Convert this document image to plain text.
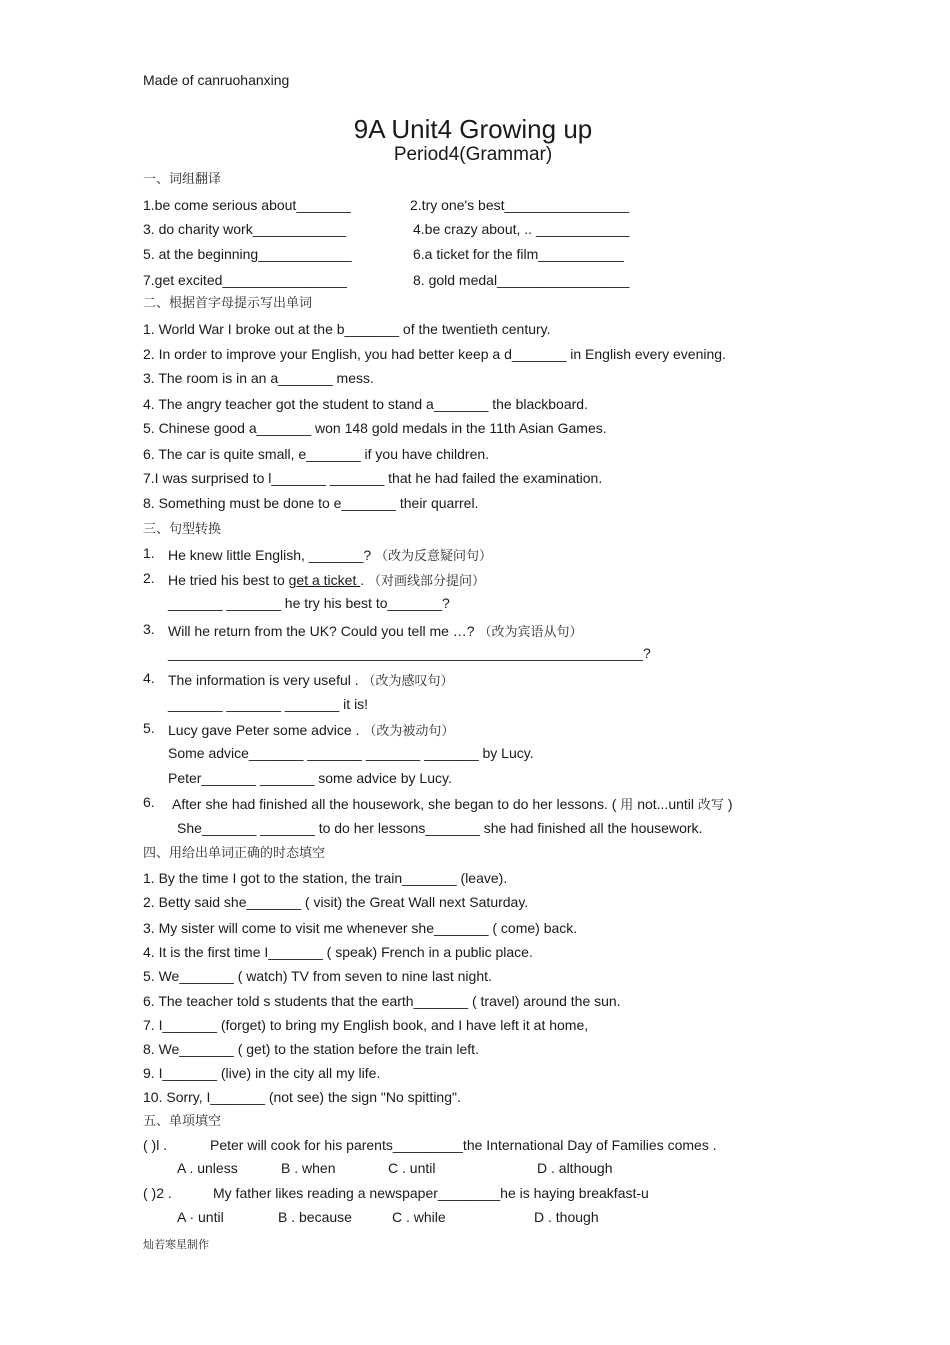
Made of canruohanxing
9A Unit4 Growing up
Period4(Grammar)
一、词组翻译
1.be come serious about_______	2.try one's best________________
3. do charity work____________	4.be crazy about, .. ____________
5. at the beginning____________	6.a ticket for the film___________
7.get excited________________	8. gold medal_________________
二、根据首字母提示写出单词
1. World War I broke out at the b_______ of the twentieth century.
2. In order to improve your English, you had better keep a d_______ in English every evening.
3. The room is in an a_______ mess.
4. The angry teacher got the student to stand a_______ the blackboard.
5. Chinese good a_______ won 148 gold medals in the 11th Asian Games.
6. The car is quite small, e_______ if you have children.
7.I was surprised to l_______ _______ that he had failed the examination.
8. Something must be done to e_______ their quarrel.
三、句型转换
1. He knew little English, _______? （改为反意疑问句）
2. He tried his best to get a ticket . （对画线部分提问）
_______ _______ he try his best to_______?
3. Will he return from the UK? Could you tell me …? （改为宾语从句）
_____________________________________________________________?
4. The information is very useful . （改为感叹句）
_______ _______ _______ it is!
5. Lucy gave Peter some advice . （改为被动句）
Some advice_______ _______ _______ _______ by Lucy.
Peter_______ _______ some advice by Lucy.
6. After she had finished all the housework, she began to do her lessons. ( 用 not...until 改写 )
She_______ _______ to do her lessons_______ she had finished all the housework.
四、用给出单词正确的时态填空
1. By the time I got to the station, the train_______ (leave).
2. Betty said she_______ ( visit) the Great Wall next Saturday.
3. My sister will come to visit me whenever she_______ ( come) back.
4. It is the first time I_______ ( speak) French in a public place.
5. We_______ ( watch) TV from seven to nine last night.
6. The teacher told s students that the earth_______ ( travel) around the sun.
7. I_______ (forget) to bring my English book, and I have left it at home,
8. We_______ ( get) to the station before the train left.
9. I_______ (live) in the city all my life.
10. Sorry, I_______ (not see) the sign "No spitting".
五、单项填空
( )l .	Peter will cook for his parents_________the International Day of Families comes .
A . unless	B . when	C . until	D . although
( )2 .	My father likes reading a newspaper________he is haying breakfast-u
A · until	B . because	C . while	D . though
灿若寒星制作
